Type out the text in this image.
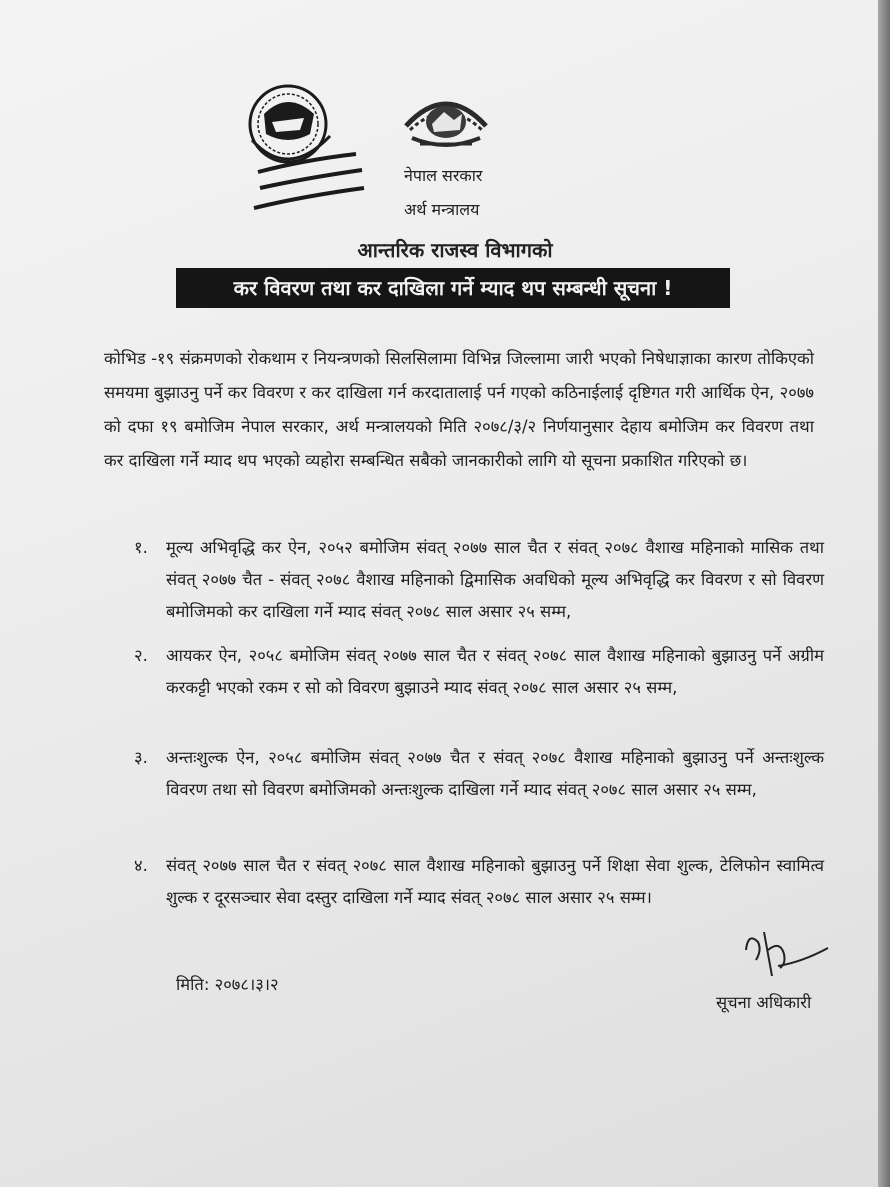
नेपाल सरकार
अर्थ मन्त्रालय
आन्तरिक राजस्व विभागको
कर विवरण तथा कर दाखिला गर्ने म्याद थप सम्बन्धी सूचना !
कोभिड -१९ संक्रमणको रोकथाम र नियन्त्रणको सिलसिलामा विभिन्न जिल्लामा जारी भएको निषेधाज्ञाका कारण तोकिएको समयमा बुझाउनु पर्ने कर विवरण र कर दाखिला गर्न करदातालाई पर्न गएको कठिनाईलाई दृष्टिगत गरी आर्थिक ऐन, २०७७ को दफा १९ बमोजिम नेपाल सरकार, अर्थ मन्त्रालयको मिति २०७८/३/२ निर्णयानुसार देहाय बमोजिम कर विवरण तथा कर दाखिला गर्ने म्याद थप भएको व्यहोरा सम्बन्धित सबैको जानकारीको लागि यो सूचना प्रकाशित गरिएको छ।
१.	मूल्य अभिवृद्धि कर ऐन, २०५२ बमोजिम संवत् २०७७ साल चैत र संवत् २०७८ वैशाख महिनाको मासिक तथा संवत् २०७७ चैत - संवत् २०७८ वैशाख महिनाको द्विमासिक अवधिको मूल्य अभिवृद्धि कर विवरण र सो विवरण बमोजिमको कर दाखिला गर्ने म्याद संवत् २०७८ साल असार २५ सम्म,
२.	आयकर ऐन, २०५८ बमोजिम संवत् २०७७ साल चैत र संवत् २०७८ साल वैशाख महिनाको बुझाउनु पर्ने अग्रीम करकट्टी भएको रकम र सो को विवरण बुझाउने म्याद संवत् २०७८ साल असार २५ सम्म,
३.	अन्तःशुल्क ऐन, २०५८ बमोजिम संवत् २०७७ चैत र संवत् २०७८ वैशाख महिनाको बुझाउनु पर्ने अन्तःशुल्क विवरण तथा सो विवरण बमोजिमको अन्तःशुल्क दाखिला गर्ने म्याद संवत् २०७८ साल असार २५ सम्म,
४.	संवत् २०७७ साल चैत र संवत् २०७८ साल वैशाख महिनाको बुझाउनु पर्ने शिक्षा सेवा शुल्क, टेलिफोन स्वामित्व शुल्क र दूरसञ्चार सेवा दस्तुर दाखिला गर्ने म्याद संवत् २०७८ साल असार २५ सम्म।
मिति: २०७८।३।२
सूचना अधिकारी
